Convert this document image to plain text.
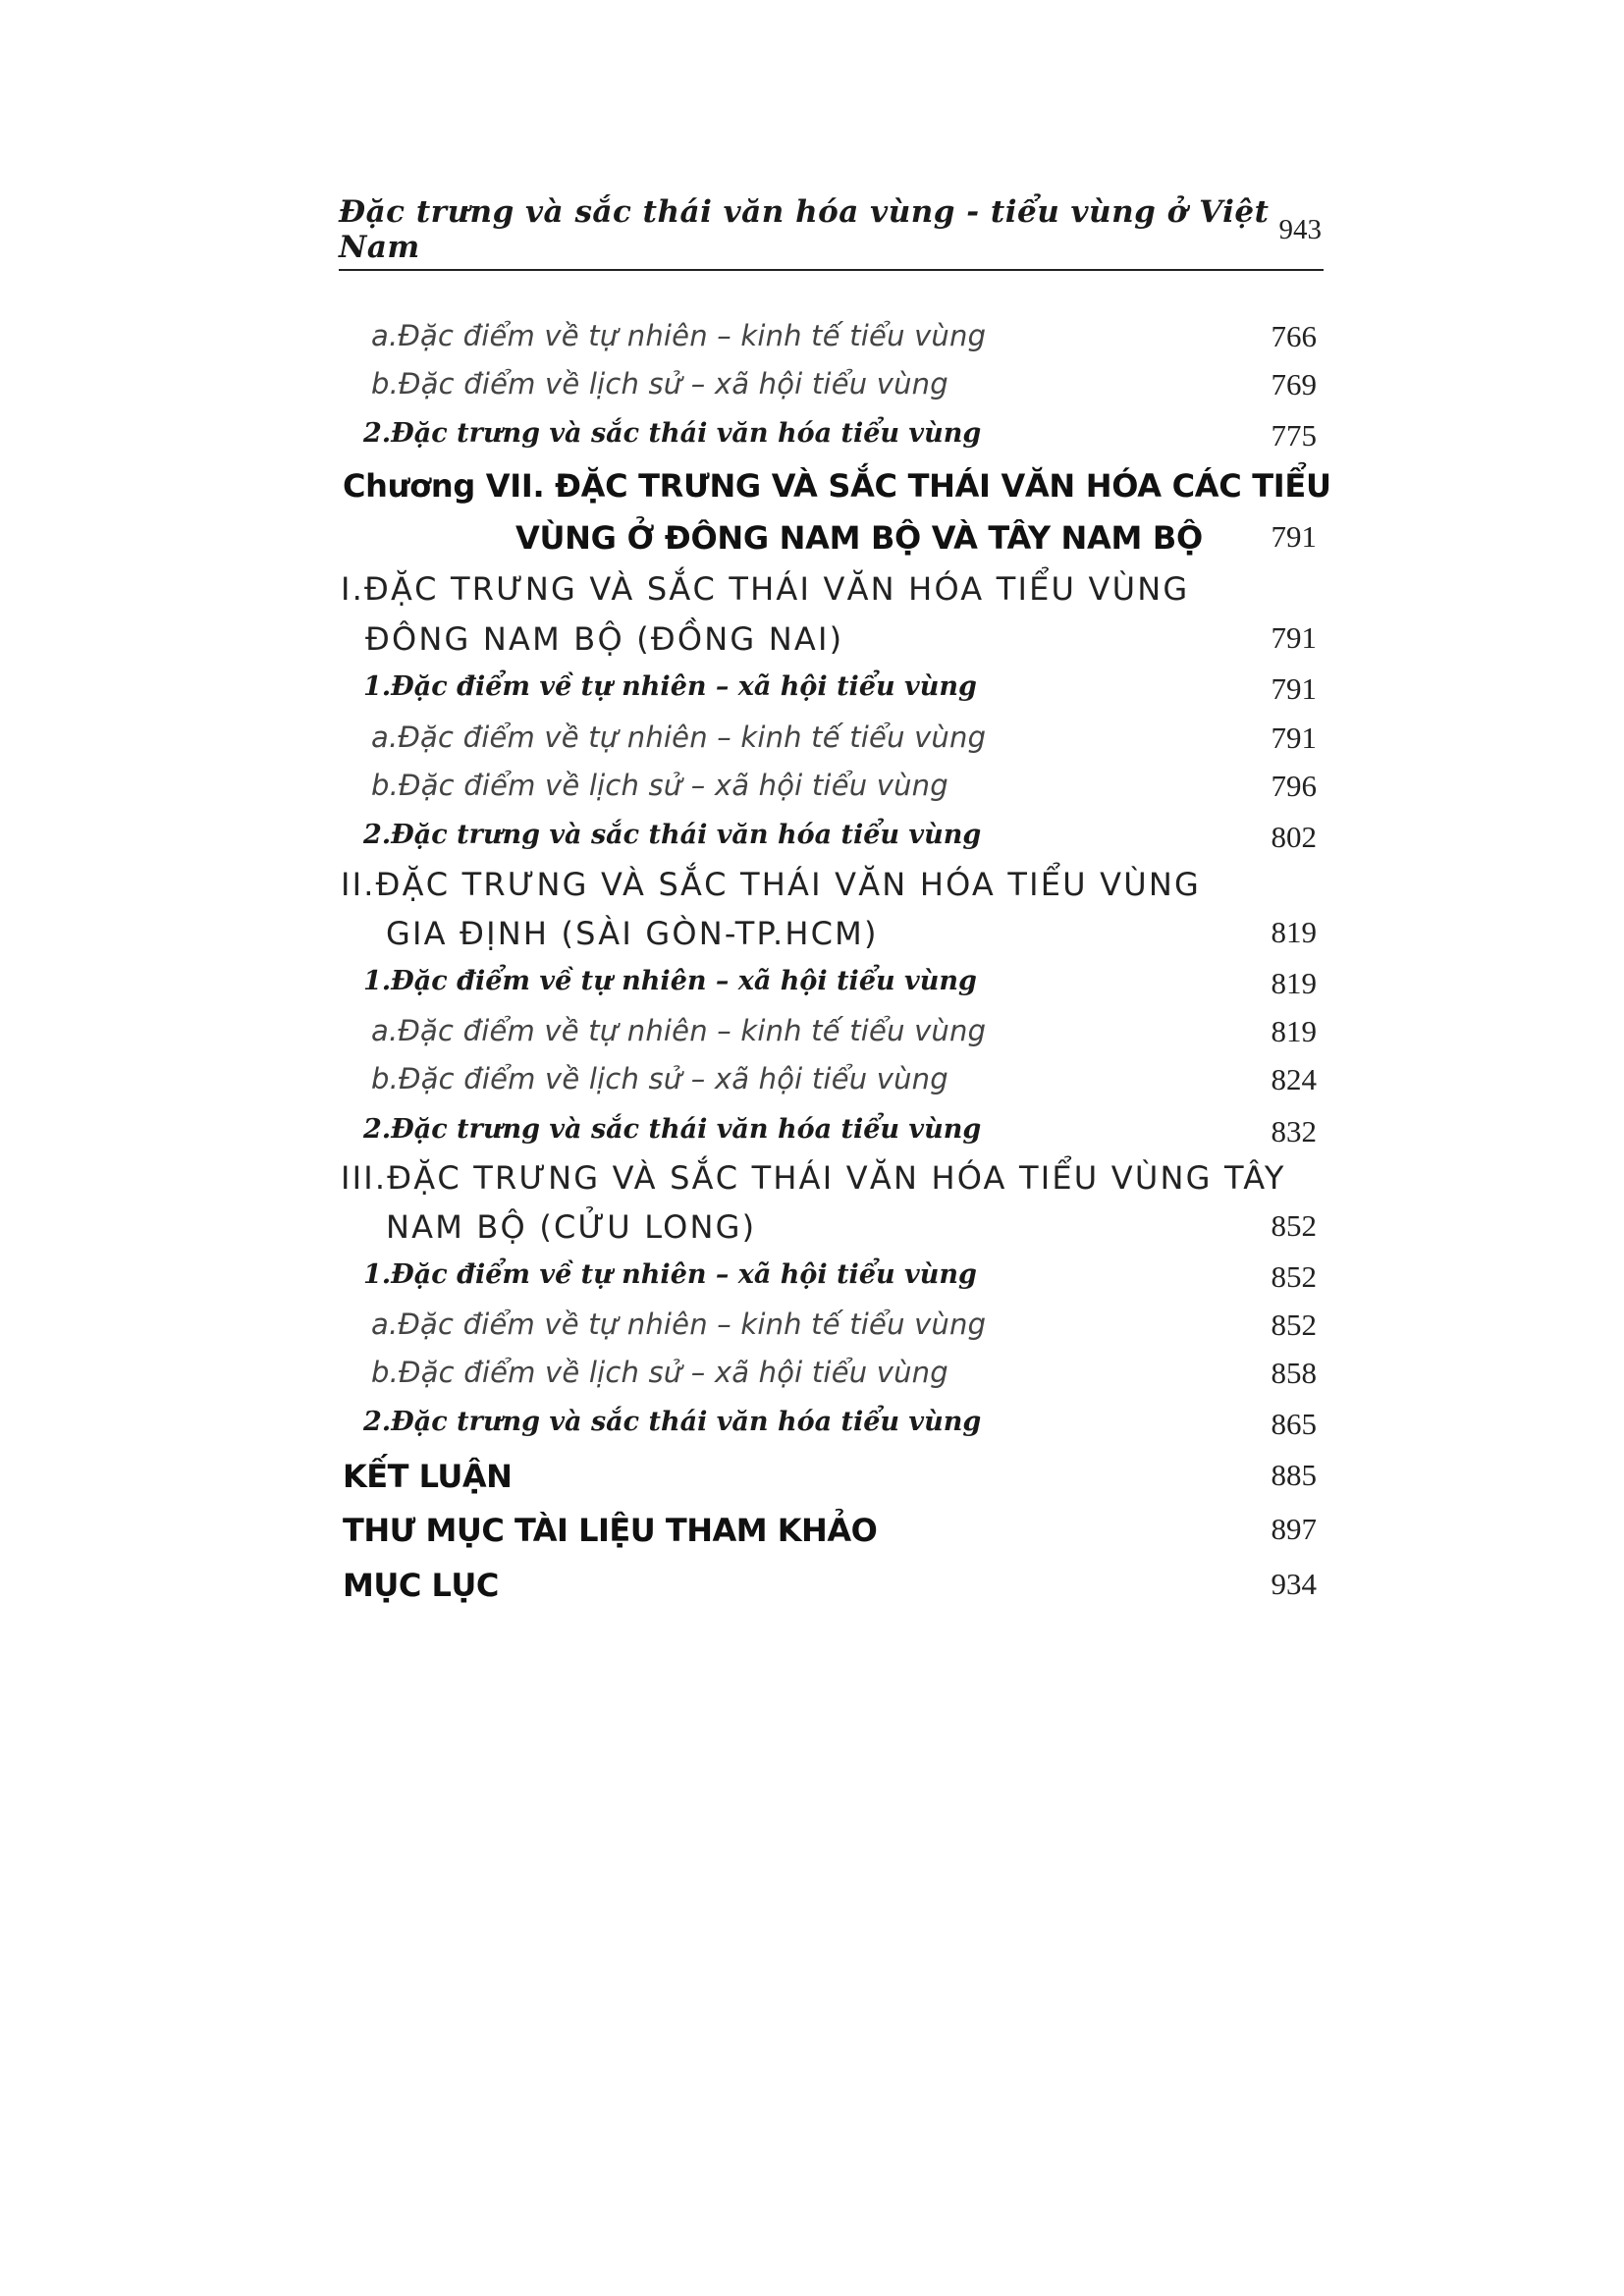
Đặc trưng và sắc thái văn hóa vùng - tiểu vùng ở Việt Nam	943
a.Đặc điểm về tự nhiên – kinh tế tiểu vùng	766
b.Đặc điểm về lịch sử – xã hội tiểu vùng	769
2.Đặc trưng và sắc thái văn hóa tiểu vùng	775
Chương VII. ĐẶC TRƯNG VÀ SẮC THÁI VĂN HÓA CÁC TIỂU
VÙNG Ở ĐÔNG NAM BỘ VÀ TÂY NAM BỘ 791
I.ĐẶC TRƯNG VÀ SẮC THÁI VĂN HÓA TIỂU VÙNG
ĐÔNG NAM BỘ (ĐỒNG NAI)	791
1.Đặc điểm về tự nhiên – xã hội tiểu vùng	791
a.Đặc điểm về tự nhiên – kinh tế tiểu vùng	791
b.Đặc điểm về lịch sử – xã hội tiểu vùng	796
2.Đặc trưng và sắc thái văn hóa tiểu vùng	802
II.ĐẶC TRƯNG VÀ SẮC THÁI VĂN HÓA TIỂU VÙNG
GIA ĐỊNH (SÀI GÒN-TP.HCM)	819
1.Đặc điểm về tự nhiên – xã hội tiểu vùng	819
a.Đặc điểm về tự nhiên – kinh tế tiểu vùng	819
b.Đặc điểm về lịch sử – xã hội tiểu vùng	824
2.Đặc trưng và sắc thái văn hóa tiểu vùng	832
III.ĐẶC TRƯNG VÀ SẮC THÁI VĂN HÓA TIỂU VÙNG TÂY
NAM BỘ (CỬU LONG)	852
1.Đặc điểm về tự nhiên – xã hội tiểu vùng	852
a.Đặc điểm về tự nhiên – kinh tế tiểu vùng	852
b.Đặc điểm về lịch sử – xã hội tiểu vùng	858
2.Đặc trưng và sắc thái văn hóa tiểu vùng	865
KẾT LUẬN	885
THƯ MỤC TÀI LIỆU THAM KHẢO	897
MỤC LỤC	934
